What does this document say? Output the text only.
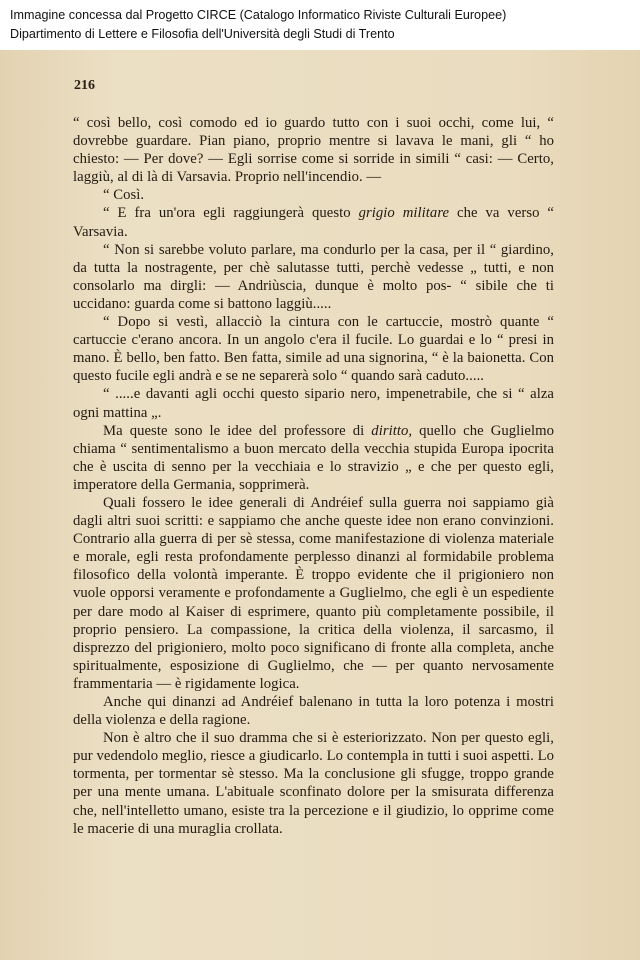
Immagine concessa dal Progetto CIRCE (Catalogo Informatico Riviste Culturali Europee)
Dipartimento di Lettere e Filosofia dell'Università degli Studi di Trento
216

“ così bello, così comodo ed io guardo tutto con i suoi occhi, come lui, “ dovrebbe guardare. Pian piano, proprio mentre si lavava le mani, gli “ ho chiesto: — Per dove? — Egli sorrise come si sorride in simili “ casi: — Certo, laggiù, al di là di Varsavia. Proprio nell'incendio. —

“ Così.

“ E fra un'ora egli raggiungerà questo grigio militare che va verso “ Varsavia.

“ Non si sarebbe voluto parlare, ma condurlo per la casa, per il “ giardino, da tutta la nostragente, per chè salutasse tutti, perchè vedesse „ tutti, e non consolarlo ma dirgli: — Andriùscia, dunque è molto pos- “ sibile che ti uccidano: guarda come si battono laggiù.....

“ Dopo si vestì, allacciò la cintura con le cartuccie, mostrò quante “ cartuccie c'erano ancora. In un angolo c'era il fucile. Lo guardai e lo “ presi in mano. È bello, ben fatto. Ben fatta, simile ad una signorina, “ è la baionetta. Con questo fucile egli andrà e se ne separerà solo “ quando sarà caduto.....

“ .....e davanti agli occhi questo sipario nero, impenetrabile, che si “ alza ogni mattina „.

Ma queste sono le idee del professore di diritto, quello che Guglielmo chiama “ sentimentalismo a buon mercato della vecchia stupida Europa ipocrita che è uscita di senno per la vecchiaia e lo stravizio „ e che per questo egli, imperatore della Germania, sopprimerà.

Quali fossero le idee generali di Andréief sulla guerra noi sappiamo già dagli altri suoi scritti: e sappiamo che anche queste idee non erano convinzioni. Contrario alla guerra di per sè stessa, come manifestazione di violenza materiale e morale, egli resta profondamente perplesso dinanzi al formidabile problema filosofico della volontà imperante. È troppo evidente che il prigioniero non vuole opporsi veramente e profondamente a Guglielmo, che egli è un espediente per dare modo al Kaiser di esprimere, quanto più completamente possibile, il proprio pensiero. La compassione, la critica della violenza, il sarcasmo, il disprezzo del prigioniero, molto poco significano di fronte alla completa, anche spiritualmente, esposizione di Guglielmo, che — per quanto nervosamente frammentaria — è rigidamente logica.

Anche qui dinanzi ad Andréief balenano in tutta la loro potenza i mostri della violenza e della ragione.

Non è altro che il suo dramma che si è esteriorizzato. Non per questo egli, pur vedendolo meglio, riesce a giudicarlo. Lo contempla in tutti i suoi aspetti. Lo tormenta, per tormentar sè stesso. Ma la conclusione gli sfugge, troppo grande per una mente umana. L'abituale sconfinato dolore per la smisurata differenza che, nell'intelletto umano, esiste tra la percezione e il giudizio, lo opprime come le macerie di una muraglia crollata.
